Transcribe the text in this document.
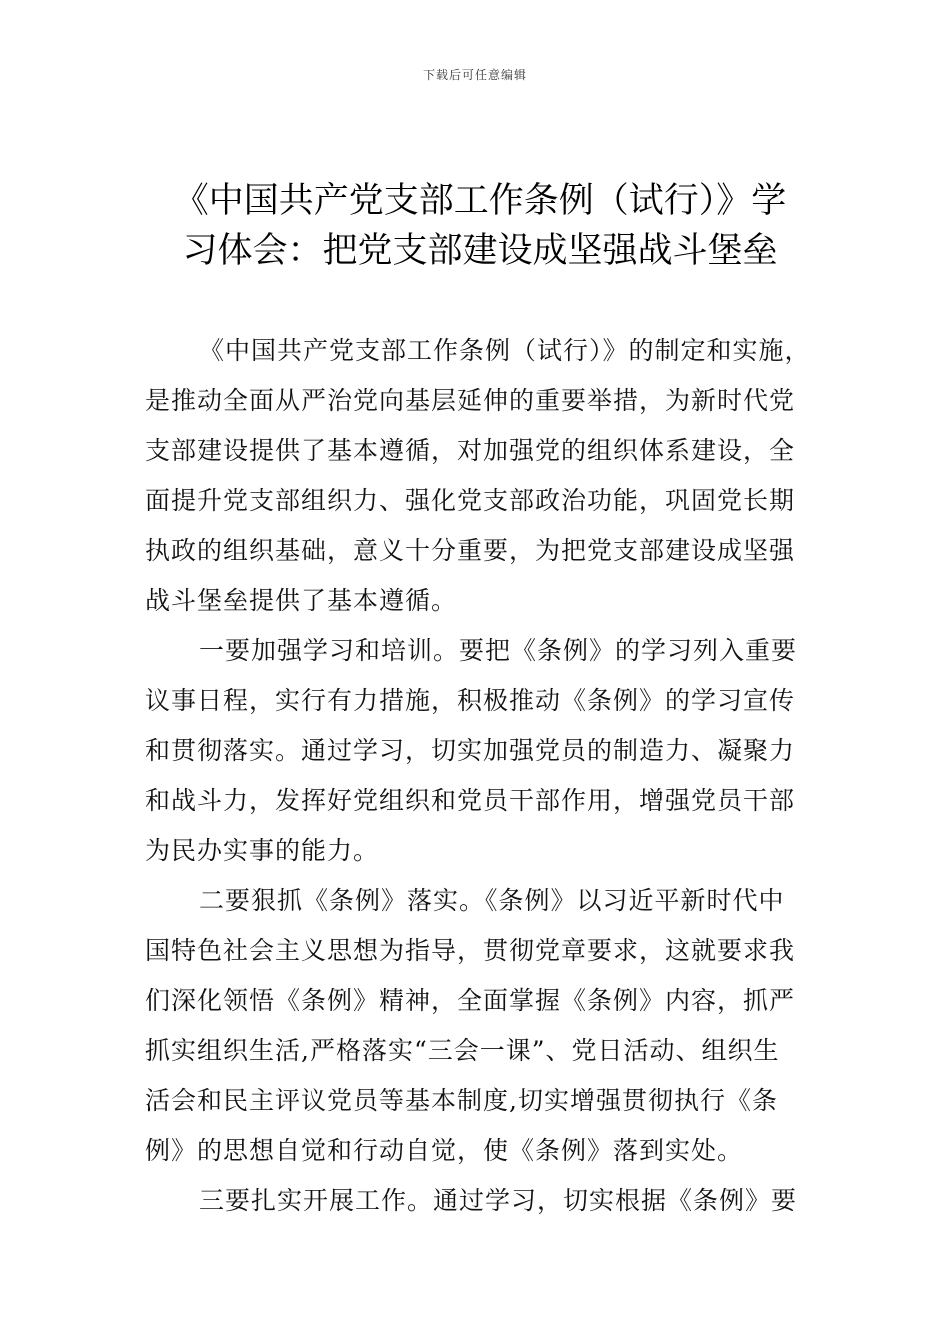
下载后可任意编辑
《中国共产党支部工作条例（试行）》学
习体会：把党支部建设成坚强战斗堡垒

《中国共产党支部工作条例（试行）》的制定和实施，
是推动全面从严治党向基层延伸的重要举措，为新时代党
支部建设提供了基本遵循，对加强党的组织体系建设，全
面提升党支部组织力、强化党支部政治功能，巩固党长期
执政的组织基础，意义十分重要，为把党支部建设成坚强
战斗堡垒提供了基本遵循。

一要加强学习和培训。要把《条例》的学习列入重要
议事日程，实行有力措施，积极推动《条例》的学习宣传
和贯彻落实。通过学习，切实加强党员的制造力、凝聚力
和战斗力，发挥好党组织和党员干部作用，增强党员干部
为民办实事的能力。

二要狠抓《条例》落实。《条例》以习近平新时代中
国特色社会主义思想为指导，贯彻党章要求，这就要求我
们深化领悟《条例》精神，全面掌握《条例》内容，抓严
抓实组织生活,严格落实“三会一课”、党日活动、组织生
活会和民主评议党员等基本制度,切实增强贯彻执行《条
例》的思想自觉和行动自觉，使《条例》落到实处。

三要扎实开展工作。通过学习，切实根据《条例》要
